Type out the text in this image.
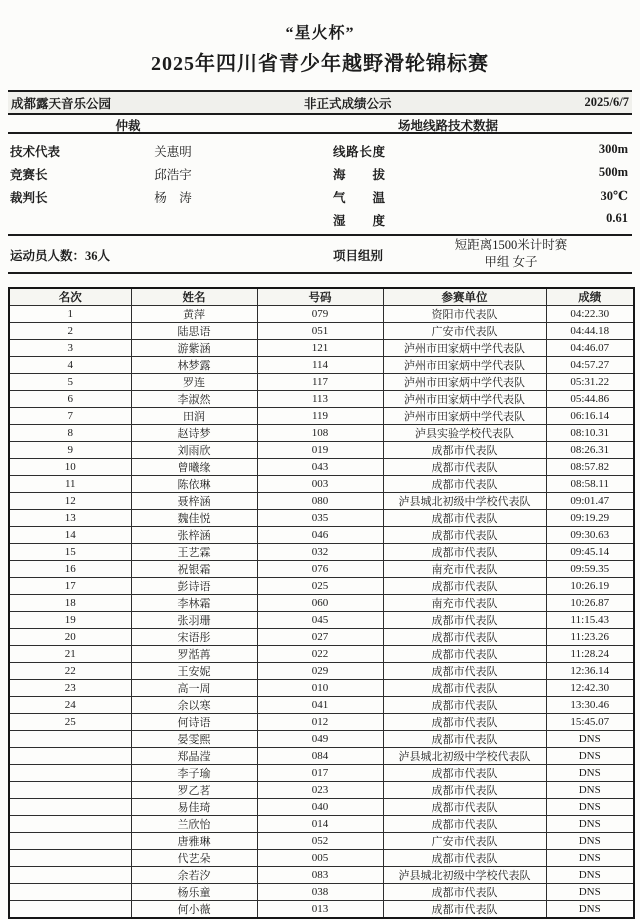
“星火杯”
2025年四川省青少年越野滑轮锦标赛
成都露天音乐公园	非正式成绩公示	2025/6/7
仲裁	场地线路技术数据
技术代表	关惠明	线路长度	300m
竞赛长	邱浩宇	海拔	500m
裁判长	杨　涛	气温	30℃
湿度	0.61
运动员人数：36人	项目组别
短距离1500米计时赛
甲组 女子
名次	姓名	号码	参赛单位	成绩
1	黄萍	079	资阳市代表队	04:22.30
2	陆思语	051	广安市代表队	04:44.18
3	游紫涵	121	泸州市田家炳中学代表队	04:46.07
4	林梦露	114	泸州市田家炳中学代表队	04:57.27
5	罗连	117	泸州市田家炳中学代表队	05:31.22
6	李淑然	113	泸州市田家炳中学代表队	05:44.86
7	田润	119	泸州市田家炳中学代表队	06:16.14
8	赵诗梦	108	泸县实验学校代表队	08:10.31
9	刘雨欣	019	成都市代表队	08:26.31
10	曾曦缘	043	成都市代表队	08:57.82
11	陈依琳	003	成都市代表队	08:58.11
12	聂梓涵	080	泸县城北初级中学校代表队	09:01.47
13	魏佳悦	035	成都市代表队	09:19.29
14	张梓涵	046	成都市代表队	09:30.63
15	王艺霖	032	成都市代表队	09:45.14
16	祝银霜	076	南充市代表队	09:59.35
17	彭诗语	025	成都市代表队	10:26.19
18	李林霜	060	南充市代表队	10:26.87
19	张羽珊	045	成都市代表队	11:15.43
20	宋语彤	027	成都市代表队	11:23.26
21	罗湉苒	022	成都市代表队	11:28.24
22	王安妮	029	成都市代表队	12:36.14
23	高一周	010	成都市代表队	12:42.30
24	余以寒	041	成都市代表队	13:30.46
25	何诗语	012	成都市代表队	15:45.07
	晏雯熙	049	成都市代表队	DNS
	郑晶滢	084	泸县城北初级中学校代表队	DNS
	李子瑜	017	成都市代表队	DNS
	罗乙茗	023	成都市代表队	DNS
	易佳琦	040	成都市代表队	DNS
	兰欣怡	014	成都市代表队	DNS
	唐雅琳	052	广安市代表队	DNS
	代艺朵	005	成都市代表队	DNS
	余若汐	083	泸县城北初级中学校代表队	DNS
	杨乐童	038	成都市代表队	DNS
	何小薇	013	成都市代表队	DNS
